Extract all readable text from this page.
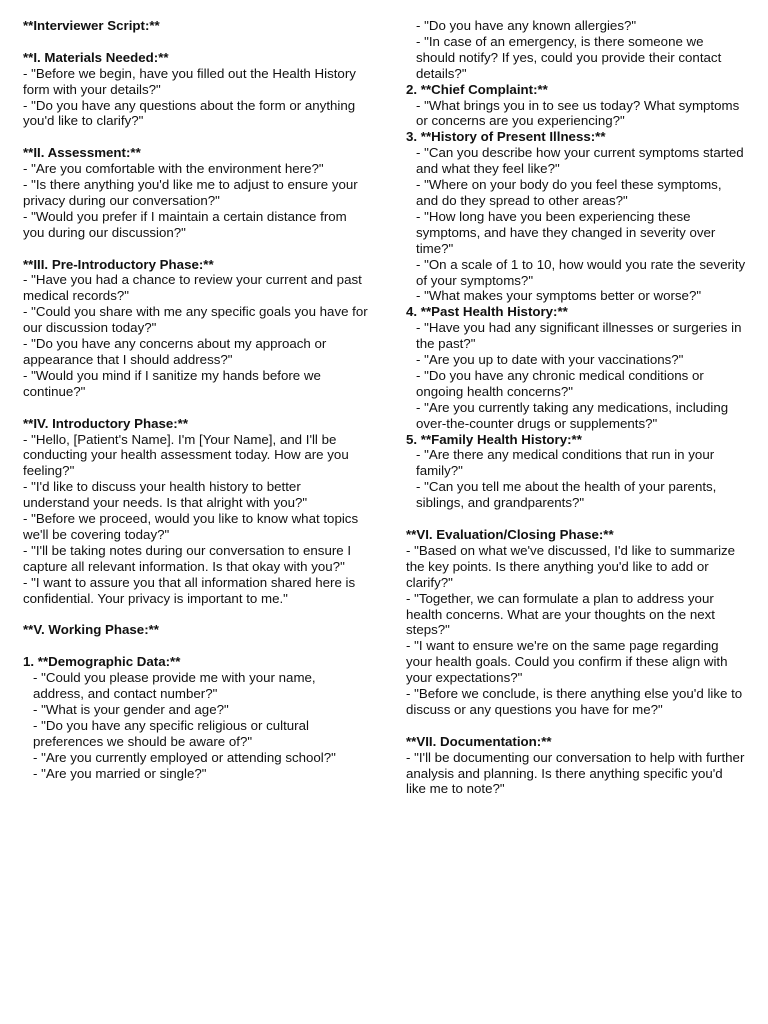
**Interviewer Script:**
**I. Materials Needed:**
- "Before we begin, have you filled out the Health History form with your details?"
- "Do you have any questions about the form or anything you'd like to clarify?"
**II. Assessment:**
- "Are you comfortable with the environment here?"
- "Is there anything you'd like me to adjust to ensure your privacy during our conversation?"
- "Would you prefer if I maintain a certain distance from you during our discussion?"
**III. Pre-Introductory Phase:**
- "Have you had a chance to review your current and past medical records?"
- "Could you share with me any specific goals you have for our discussion today?"
- "Do you have any concerns about my approach or appearance that I should address?"
- "Would you mind if I sanitize my hands before we continue?"
**IV. Introductory Phase:**
- "Hello, [Patient's Name]. I'm [Your Name], and I'll be conducting your health assessment today. How are you feeling?"
- "I'd like to discuss your health history to better understand your needs. Is that alright with you?"
- "Before we proceed, would you like to know what topics we'll be covering today?"
- "I'll be taking notes during our conversation to ensure I capture all relevant information. Is that okay with you?"
- "I want to assure you that all information shared here is confidential. Your privacy is important to me."
**V. Working Phase:**
1. **Demographic Data:**
- "Could you please provide me with your name, address, and contact number?"
- "What is your gender and age?"
- "Do you have any specific religious or cultural preferences we should be aware of?"
- "Are you currently employed or attending school?"
- "Are you married or single?"
- "Do you have any known allergies?"
- "In case of an emergency, is there someone we should notify? If yes, could you provide their contact details?"
2. **Chief Complaint:**
- "What brings you in to see us today? What symptoms or concerns are you experiencing?"
3. **History of Present Illness:**
- "Can you describe how your current symptoms started and what they feel like?"
- "Where on your body do you feel these symptoms, and do they spread to other areas?"
- "How long have you been experiencing these symptoms, and have they changed in severity over time?"
- "On a scale of 1 to 10, how would you rate the severity of your symptoms?"
- "What makes your symptoms better or worse?"
4. **Past Health History:**
- "Have you had any significant illnesses or surgeries in the past?"
- "Are you up to date with your vaccinations?"
- "Do you have any chronic medical conditions or ongoing health concerns?"
- "Are you currently taking any medications, including over-the-counter drugs or supplements?"
5. **Family Health History:**
- "Are there any medical conditions that run in your family?"
- "Can you tell me about the health of your parents, siblings, and grandparents?"
**VI. Evaluation/Closing Phase:**
- "Based on what we've discussed, I'd like to summarize the key points. Is there anything you'd like to add or clarify?"
- "Together, we can formulate a plan to address your health concerns. What are your thoughts on the next steps?"
- "I want to ensure we're on the same page regarding your health goals. Could you confirm if these align with your expectations?"
- "Before we conclude, is there anything else you'd like to discuss or any questions you have for me?"
**VII. Documentation:**
- "I'll be documenting our conversation to help with further analysis and planning. Is there anything specific you'd like me to note?"
